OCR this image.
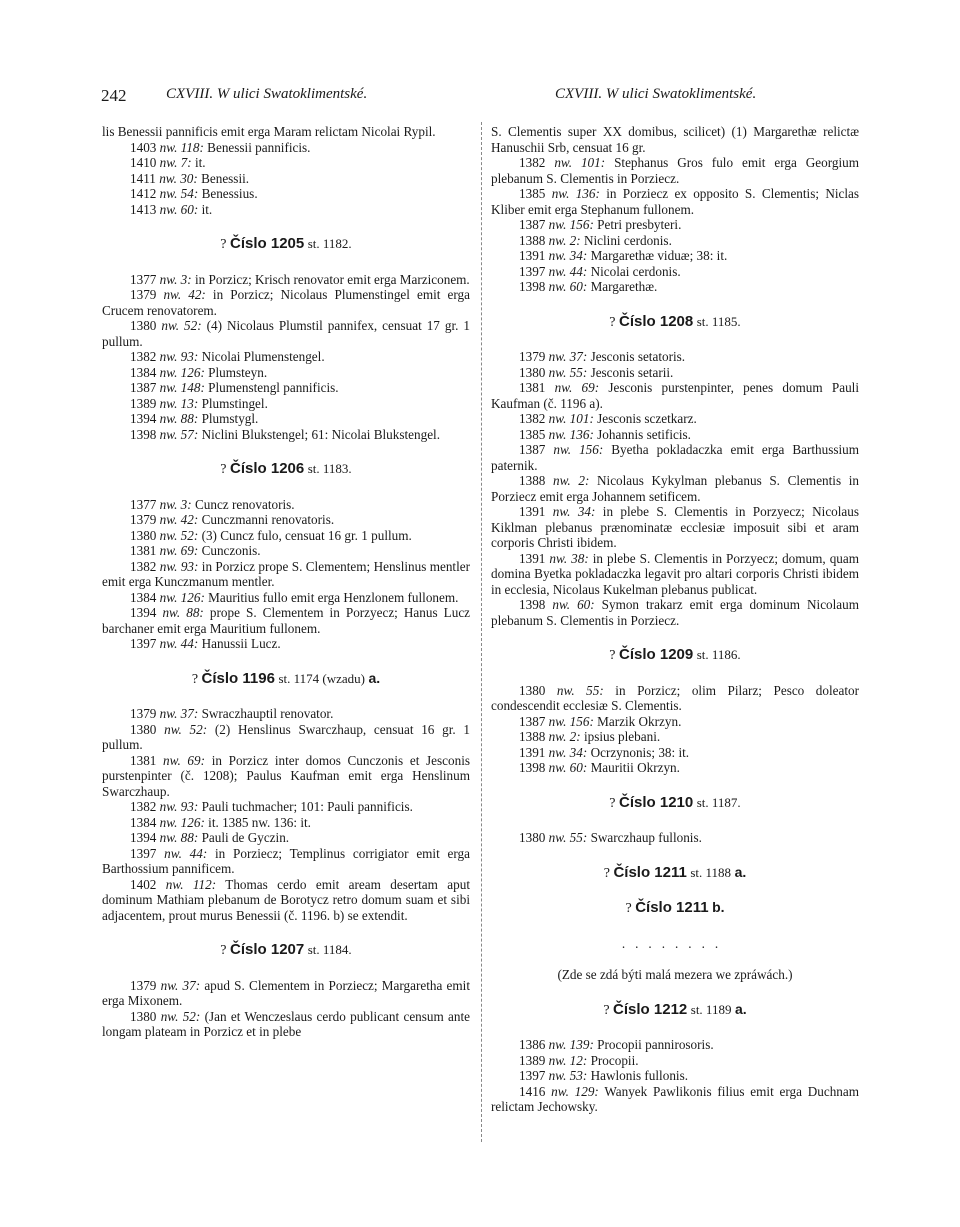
242	CXVIII. W ulici Swatoklimentské.	CXVIII. W ulici Swatoklimentské.

lis Benessii pannificis emit erga Maram relictam Nicolai Rypil.

1403 nw. 118: Benessii pannificis.

1410 nw. 7: it.

1411 nw. 30: Benessii.

1412 nw. 54: Benessius.

1413 nw. 60: it.

? Číslo 1205 st. 1182.

1377 nw. 3: in Porzicz; Krisch renovator emit erga Marziconem.

1379 nw. 42: in Porzicz; Nicolaus Plumenstingel emit erga Crucem renovatorem.

1380 nw. 52: (4) Nicolaus Plumstil pannifex, censuat 17 gr. 1 pullum.

1382 nw. 93: Nicolai Plumenstengel.

1384 nw. 126: Plumsteyn.

1387 nw. 148: Plumenstengl pannificis.

1389 nw. 13: Plumstingel.

1394 nw. 88: Plumstygl.

1398 nw. 57: Niclini Blukstengel; 61: Nicolai Blukstengel.

? Číslo 1206 st. 1183.

1377 nw. 3: Cuncz renovatoris.

1379 nw. 42: Cunczmanni renovatoris.

1380 nw. 52: (3) Cuncz fulo, censuat 16 gr. 1 pullum.

1381 nw. 69: Cunczonis.

1382 nw. 93: in Porzicz prope S. Clementem; Henslinus mentler emit erga Kunczmanum mentler.

1384 nw. 126: Mauritius fullo emit erga Henzlonem fullonem.

1394 nw. 88: prope S. Clementem in Porzyecz; Hanus Lucz barchaner emit erga Mauritium fullonem.

1397 nw. 44: Hanussii Lucz.

? Číslo 1196 st. 1174 (wzadu) a.

1379 nw. 37: Swraczhauptil renovator.

1380 nw. 52: (2) Henslinus Swarczhaup, censuat 16 gr. 1 pullum.

1381 nw. 69: in Porzicz inter domos Cunczonis et Jesconis purstenpinter (č. 1208); Paulus Kaufman emit erga Henslinum Swarczhaup.

1382 nw. 93: Pauli tuchmacher; 101: Pauli pannificis.

1384 nw. 126: it. 1385 nw. 136: it.

1394 nw. 88: Pauli de Gyczin.

1397 nw. 44: in Porziecz; Templinus corrigiator emit erga Barthossium pannificem.

1402 nw. 112: Thomas cerdo emit aream desertam aput dominum Mathiam plebanum de Borotycz retro domum suam et sibi adjacentem, prout murus Benessii (č. 1196. b) se extendit.

? Číslo 1207 st. 1184.

1379 nw. 37: apud S. Clementem in Porziecz; Margaretha emit erga Mixonem.

1380 nw. 52: (Jan et Wenczeslaus cerdo publicant censum ante longam plateam in Porzicz et in plebe

S. Clementis super XX domibus, scilicet) (1) Margarethæ relictæ Hanuschii Srb, censuat 16 gr.

1382 nw. 101: Stephanus Gros fulo emit erga Georgium plebanum S. Clementis in Porziecz.

1385 nw. 136: in Porziecz ex opposito S. Clementis; Niclas Kliber emit erga Stephanum fullonem.

1387 nw. 156: Petri presbyteri.

1388 nw. 2: Niclini cerdonis.

1391 nw. 34: Margarethæ viduæ; 38: it.

1397 nw. 44: Nicolai cerdonis.

1398 nw. 60: Margarethæ.

? Číslo 1208 st. 1185.

1379 nw. 37: Jesconis setatoris.

1380 nw. 55: Jesconis setarii.

1381 nw. 69: Jesconis purstenpinter, penes domum Pauli Kaufman (č. 1196 a).

1382 nw. 101: Jesconis sczetkarz.

1385 nw. 136: Johannis setificis.

1387 nw. 156: Byetha pokladaczka emit erga Barthussium paternik.

1388 nw. 2: Nicolaus Kykylman plebanus S. Clementis in Porziecz emit erga Johannem setificem.

1391 nw. 34: in plebe S. Clementis in Porzyecz; Nicolaus Kiklman plebanus prænominatæ ecclesiæ imposuit sibi et aram corporis Christi ibidem.

1391 nw. 38: in plebe S. Clementis in Porzyecz; domum, quam domina Byetka pokladaczka legavit pro altari corporis Christi ibidem in ecclesia, Nicolaus Kukelman plebanus publicat.

1398 nw. 60: Symon trakarz emit erga dominum Nicolaum plebanum S. Clementis in Porziecz.

? Číslo 1209 st. 1186.

1380 nw. 55: in Porzicz; olim Pilarz; Pesco doleator condescendit ecclesiæ S. Clementis.

1387 nw. 156: Marzik Okrzyn.

1388 nw. 2: ipsius plebani.

1391 nw. 34: Ocrzynonis; 38: it.

1398 nw. 60: Mauritii Okrzyn.

? Číslo 1210 st. 1187.

1380 nw. 55: Swarczhaup fullonis.

? Číslo 1211 st. 1188 a.
? Číslo 1211 b.
........
(Zde se zdá býti malá mezera we zpráwách.)
? Číslo 1212 st. 1189 a.

1386 nw. 139: Procopii pannirosoris.

1389 nw. 12: Procopii.

1397 nw. 53: Hawlonis fullonis.

1416 nw. 129: Wanyek Pawlikonis filius emit erga Duchnam relictam Jechowsky.
